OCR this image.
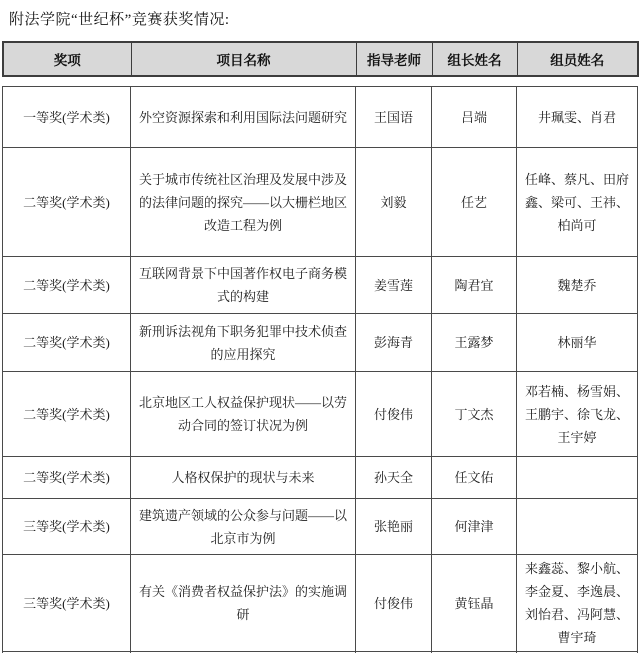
附法学院“世纪杯”竞赛获奖情况:

奖项	项目名称	指导老师	组长姓名	组员姓名
一等奖(学术类)	外空资源探索和利用国际法问题研究	王国语	吕端	井珮雯、肖君
二等奖(学术类)	关于城市传统社区治理及发展中涉及的法律问题的探究——以大栅栏地区改造工程为例	刘毅	任艺	任峰、蔡凡、田府鑫、梁可、王祎、柏尚可
二等奖(学术类)	互联网背景下中国著作权电子商务模式的构建	姜雪莲	陶君宜	魏楚乔
二等奖(学术类)	新刑诉法视角下职务犯罪中技术侦查的应用探究	彭海青	王露梦	林丽华
二等奖(学术类)	北京地区工人权益保护现状——以劳动合同的签订状况为例	付俊伟	丁文杰	邓若楠、杨雪娟、王鹏宇、徐飞龙、王宇婷
二等奖(学术类)	人格权保护的现状与未来	孙天全	任文佑	
三等奖(学术类)	建筑遗产领域的公众参与问题——以北京市为例	张艳丽	何津津	
三等奖(学术类)	有关《消费者权益保护法》的实施调研	付俊伟	黄钰晶	来鑫蕊、黎小航、李金夏、李逸晨、刘怡君、冯阿慧、曹宇琦
